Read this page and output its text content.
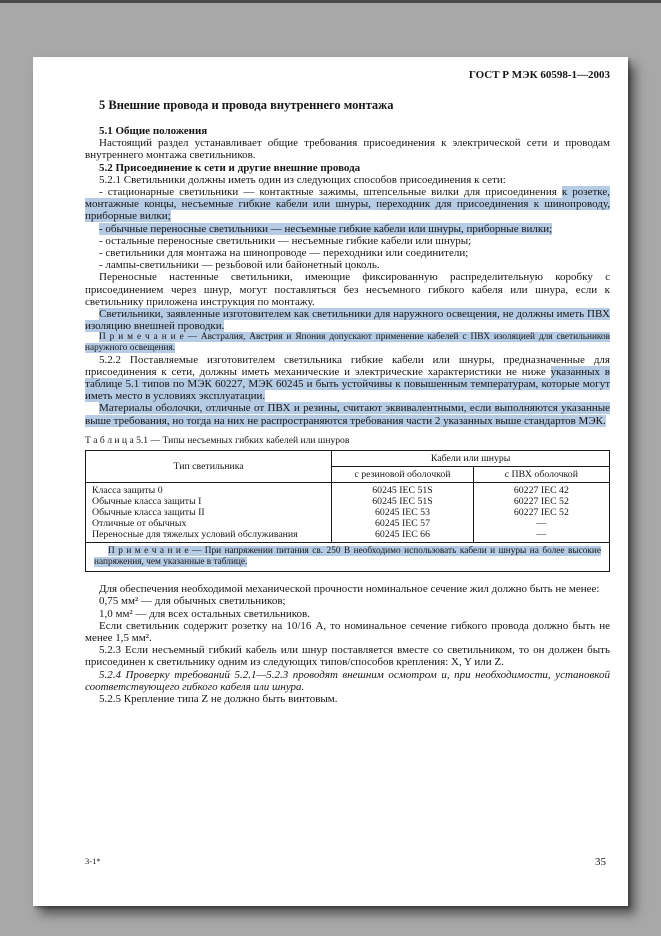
ГОСТ Р МЭК 60598-1—2003

5 Внешние провода и провода внутреннего монтажа

5.1 Общие положения

Настоящий раздел устанавливает общие требования присоединения к электрической сети и проводам внутреннего монтажа светильников.

5.2 Присоединение к сети и другие внешние провода

5.2.1 Светильники должны иметь один из следующих способов присоединения к сети:

- стационарные светильники — контактные зажимы, штепсельные вилки для присоединения к розетке, монтажные концы, несъемные гибкие кабели или шнуры, переходник для присоединения к шинопроводу, приборные вилки;

- обычные переносные светильники — несъемные гибкие кабели или шнуры, приборные вилки;

- остальные переносные светильники — несъемные гибкие кабели или шнуры;

- светильники для монтажа на шинопроводе — переходники или соединители;

- лампы-светильники — резьбовой или байонетный цоколь.

Переносные настенные светильники, имеющие фиксированную распределительную коробку с присоединением через шнур, могут поставляться без несъемного гибкого кабеля или шнура, если к светильнику приложена инструкция по монтажу.

Светильники, заявленные изготовителем как светильники для наружного освещения, не должны иметь ПВХ изоляцию внешней проводки.

П р и м е ч а н и е — Австралия, Австрия и Япония допускают применение кабелей с ПВХ изоляцией для светильников наружного освещения.

5.2.2 Поставляемые изготовителем светильника гибкие кабели или шнуры, предназначенные для присоединения к сети, должны иметь механические и электрические характеристики не ниже указанных в таблице 5.1 типов по МЭК 60227, МЭК 60245 и быть устойчивы к повышенным температурам, которые могут иметь место в условиях эксплуатации.

Материалы оболочки, отличные от ПВХ и резины, считают эквивалентными, если выполняются указанные выше требования, но тогда на них не распространяются требования части 2 указанных выше стандартов МЭК.

Т а б л и ц а 5.1 — Типы несъемных гибких кабелей или шнуров

Тип светильника	Кабели или шнуры	
	с резиновой оболочкой	с ПВХ оболочкой
Класса защиты 0	60245 IEC 51S	60227 IEC 42
Обычные класса защиты I	60245 IEC 51S	60227 IEC 52
Обычные класса защиты II	60245 IEC 53	60227 IEC 52
Отличные от обычных	60245 IEC 57	—
Переносные для тяжелых условий обслуживания	60245 IEC 66	—

П р и м е ч а н и е — При напряжении питания св. 250 В необходимо использовать кабели и шнуры на более высокие напряжения, чем указанные в таблице.		

Для обеспечения необходимой механической прочности номинальное сечение жил должно быть не менее:

0,75 мм² — для обычных светильников;

1,0 мм² — для всех остальных светильников.

Если светильник содержит розетку на 10/16 А, то номинальное сечение гибкого провода должно быть не менее 1,5 мм².

5.2.3 Если несъемный гибкий кабель или шнур поставляется вместе со светильником, то он должен быть присоединен к светильнику одним из следующих типов/способов крепления: X, Y или Z.

5.2.4 Проверку требований 5.2.1—5.2.3 проводят внешним осмотром и, при необходимости, установкой соответствующего гибкого кабеля или шнура.

5.2.5 Крепление типа Z не должно быть винтовым.

3-1*	35
